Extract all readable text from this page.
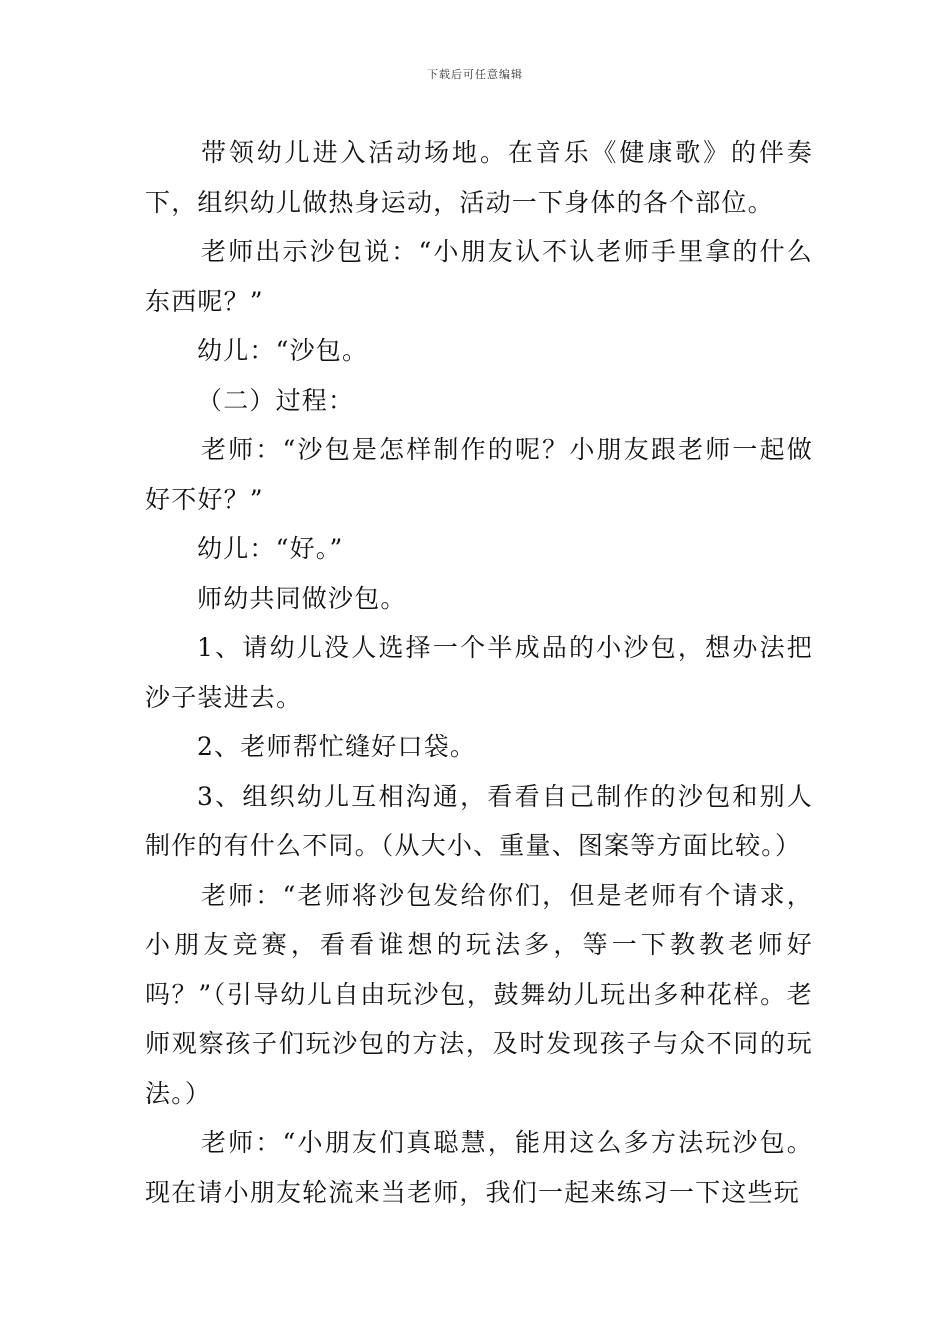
下载后可任意编辑

带领幼儿进入活动场地。在音乐《健康歌》的伴奏下，组织幼儿做热身运动，活动一下身体的各个部位。

老师出示沙包说：“小朋友认不认老师手里拿的什么东西呢？”

幼儿：“沙包。

（二）过程：

老师：“沙包是怎样制作的呢？小朋友跟老师一起做好不好？”

幼儿：“好。”

师幼共同做沙包。

1、请幼儿没人选择一个半成品的小沙包，想办法把沙子装进去。

2、老师帮忙缝好口袋。

3、组织幼儿互相沟通，看看自己制作的沙包和别人制作的有什么不同。（从大小、重量、图案等方面比较。）

老师：“老师将沙包发给你们，但是老师有个请求，小朋友竞赛，看看谁想的玩法多，等一下教教老师好吗？”（引导幼儿自由玩沙包，鼓舞幼儿玩出多种花样。老师观察孩子们玩沙包的方法，及时发现孩子与众不同的玩法。）

老师：“小朋友们真聪慧，能用这么多方法玩沙包。现在请小朋友轮流来当老师，我们一起来练习一下这些玩
